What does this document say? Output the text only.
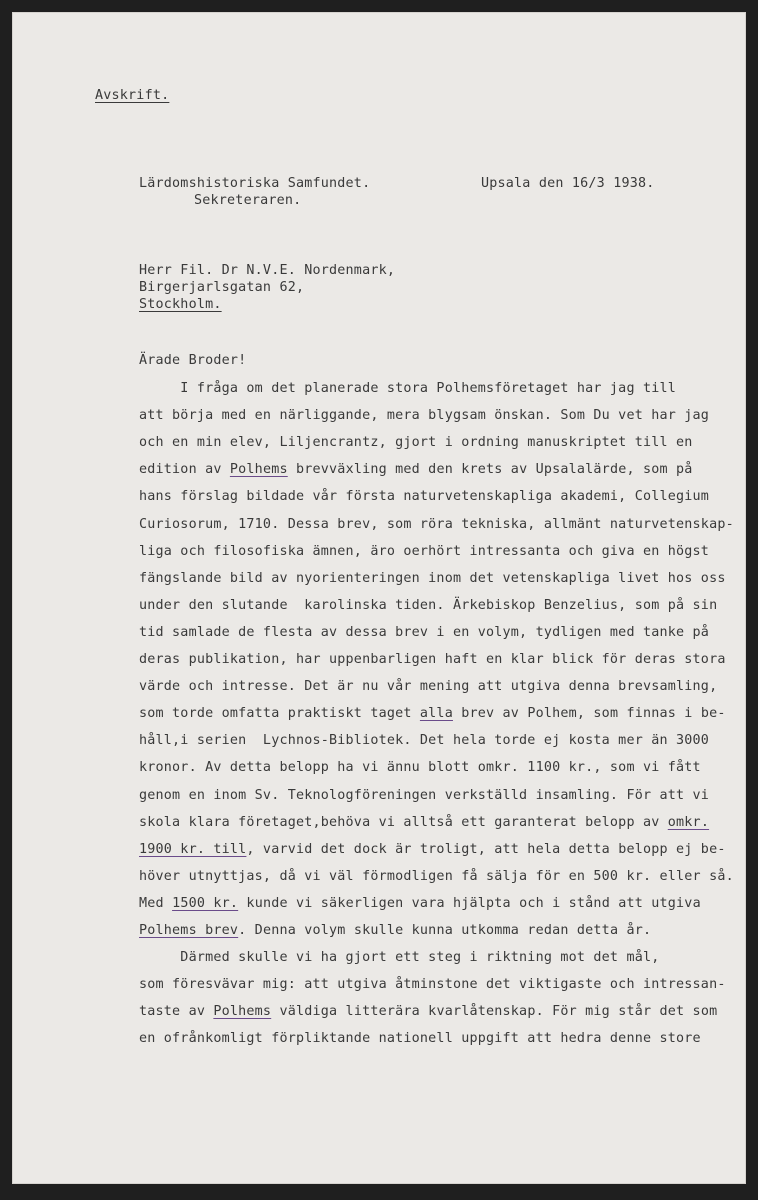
Avskrift.
Lärdomshistoriska Samfundet.
Sekreteraren.
Upsala den 16/3 1938.
Herr Fil. Dr N.V.E. Nordenmark,
Birgerjarlsgatan 62,
Stockholm.
Ärade Broder!
I fråga om det planerade stora Polhemsföretaget har jag till
att börja med en närliggande, mera blygsam önskan. Som Du vet har jag
och en min elev, Liljencrantz, gjort i ordning manuskriptet till en
edition av Polhems brevväxling med den krets av Upsalalärde, som på
hans förslag bildade vår första naturvetenskapliga akademi, Collegium
Curiosorum, 1710. Dessa brev, som röra tekniska, allmänt naturvetenskap-
liga och filosofiska ämnen, äro oerhört intressanta och giva en högst
fängslande bild av nyorienteringen inom det vetenskapliga livet hos oss
under den slutande  karolinska tiden. Ärkebiskop Benzelius, som på sin
tid samlade de flesta av dessa brev i en volym, tydligen med tanke på
deras publikation, har uppenbarligen haft en klar blick för deras stora
värde och intresse. Det är nu vår mening att utgiva denna brevsamling,
som torde omfatta praktiskt taget alla brev av Polhem, som finnas i be-
håll,i serien  Lychnos-Bibliotek. Det hela torde ej kosta mer än 3000
kronor. Av detta belopp ha vi ännu blott omkr. 1100 kr., som vi fått
genom en inom Sv. Teknologföreningen verkställd insamling. För att vi
skola klara företaget,behöva vi alltså ett garanterat belopp av omkr.
1900 kr. till, varvid det dock är troligt, att hela detta belopp ej be-
höver utnyttjas, då vi väl förmodligen få sälja för en 500 kr. eller så.
Med 1500 kr. kunde vi säkerligen vara hjälpta och i stånd att utgiva
Polhems brev. Denna volym skulle kunna utkomma redan detta år.
Därmed skulle vi ha gjort ett steg i riktning mot det mål,
som föresvävar mig: att utgiva åtminstone det viktigaste och intressan-
taste av Polhems väldiga litterära kvarlåtenskap. För mig står det som
en ofrånkomligt förpliktande nationell uppgift att hedra denne store
